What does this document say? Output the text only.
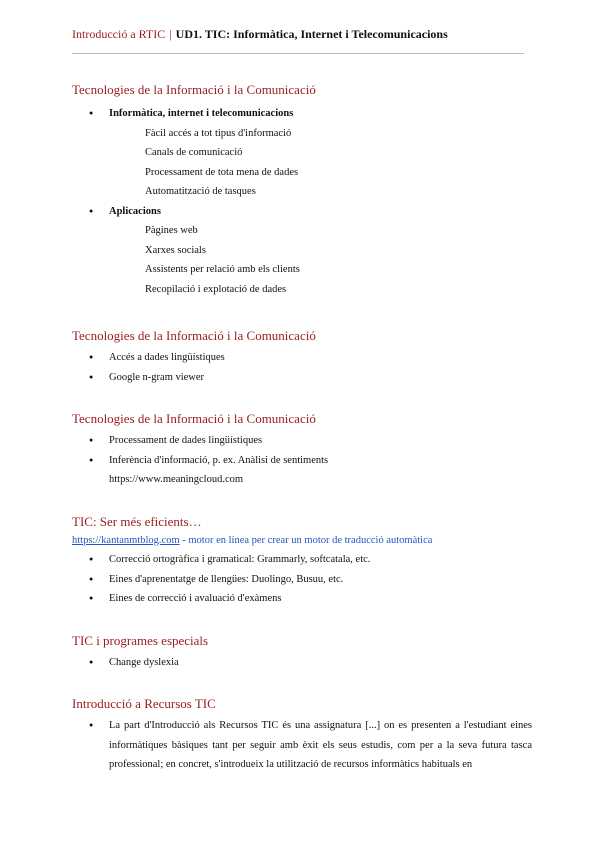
Introducció a RTIC | UD1. TIC: Informàtica, Internet i Telecomunicacions
Tecnologies de la Informació i la Comunicació
● Informàtica, internet i telecomunicacions
Fàcil accés a tot tipus d'informació
Canals de comunicació
Processament de tota mena de dades
Automatització de tasques
● Aplicacions
Pàgines web
Xarxes socials
Assistents per relació amb els clients
Recopilació i explotació de dades
Tecnologies de la Informació i la Comunicació
● Accés a dades lingüístiques
● Google n-gram viewer
Tecnologies de la Informació i la Comunicació
● Processament de dades lingüístiques
● Inferència d'informació, p. ex. Anàlisi de sentiments
https://www.meaningcloud.com
TIC: Ser més eficients…
https://kantanmtblog.com - motor en línea per crear un motor de traducció automàtica
● Correcció ortogràfica i gramatical: Grammarly, softcatala, etc.
● Eines d'aprenentatge de llengües: Duolingo, Busuu, etc.
● Eines de correcció i avaluació d'exàmens
TIC i programes especials
● Change dyslexia
Introducció a Recursos TIC
● La part d'Introducció als Recursos TIC és una assignatura [...] on es presenten a l'estudiant eines informàtiques bàsiques tant per seguir amb èxit els seus estudis, com per a la seva futura tasca professional; en concret, s'introdueix la utilització de recursos informàtics habituals en
